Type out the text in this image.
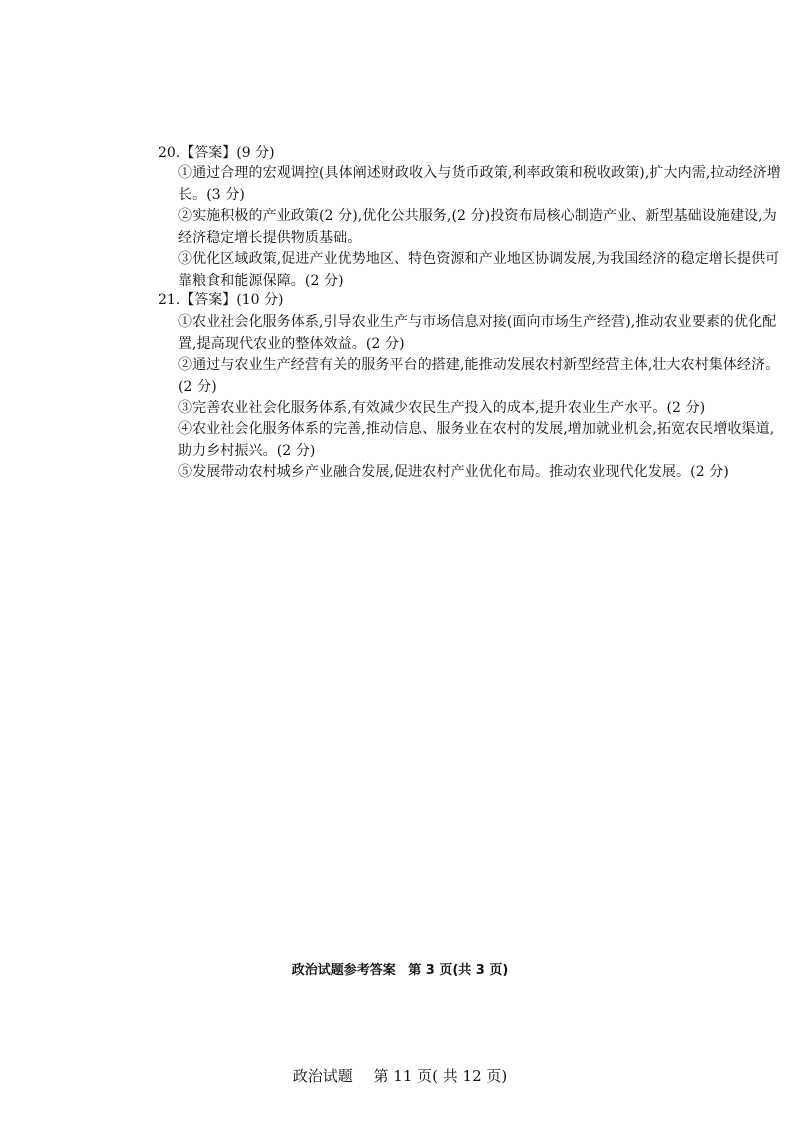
20.【答案】(9 分)
①通过合理的宏观调控(具体阐述财政收入与货币政策,利率政策和税收政策),扩大内需,拉动经济增长。(3 分)
②实施积极的产业政策(2 分),优化公共服务,(2 分)投资布局核心制造产业、新型基础设施建设,为经济稳定增长提供物质基础。
③优化区域政策,促进产业优势地区、特色资源和产业地区协调发展,为我国经济的稳定增长提供可靠粮食和能源保障。(2 分)
21.【答案】(10 分)
①农业社会化服务体系,引导农业生产与市场信息对接(面向市场生产经营),推动农业要素的优化配置,提高现代农业的整体效益。(2 分)
②通过与农业生产经营有关的服务平台的搭建,能推动发展农村新型经营主体,壮大农村集体经济。(2 分)
③完善农业社会化服务体系,有效减少农民生产投入的成本,提升农业生产水平。(2 分)
④农业社会化服务体系的完善,推动信息、服务业在农村的发展,增加就业机会,拓宽农民增收渠道,助力乡村振兴。(2 分)
⑤发展带动农村城乡产业融合发展,促进农村产业优化布局。推动农业现代化发展。(2 分)
政治试题参考答案 第 3 页(共 3 页)
政治试题 第 11 页( 共 12 页)
